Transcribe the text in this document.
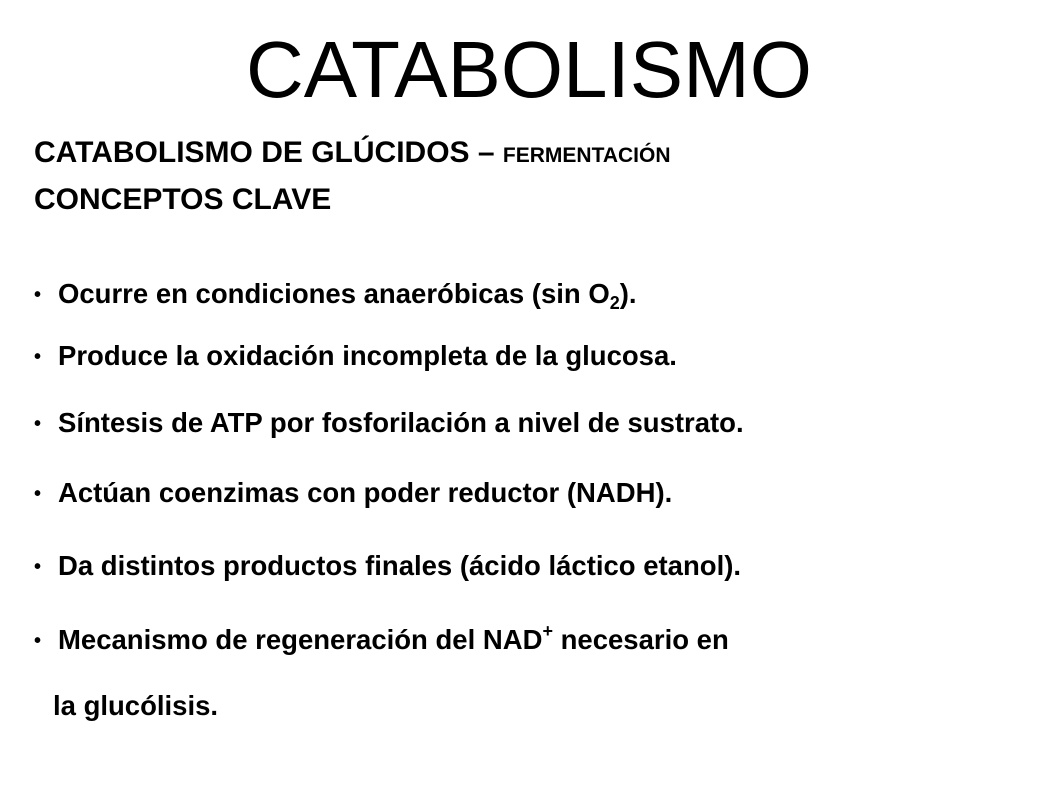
CATABOLISMO
CATABOLISMO DE GLÚCIDOS – FERMENTACIÓN
CONCEPTOS CLAVE
• Ocurre en condiciones anaeróbicas (sin $O_2$).
• Produce la oxidación incompleta de la glucosa.
• Síntesis de ATP por fosforilación a nivel de sustrato.
• Actúan coenzimas con poder reductor (NADH).
• Da distintos productos finales (ácido láctico etanol).
• Mecanismo de regeneración del NAD+ necesario en
la glucólisis.
